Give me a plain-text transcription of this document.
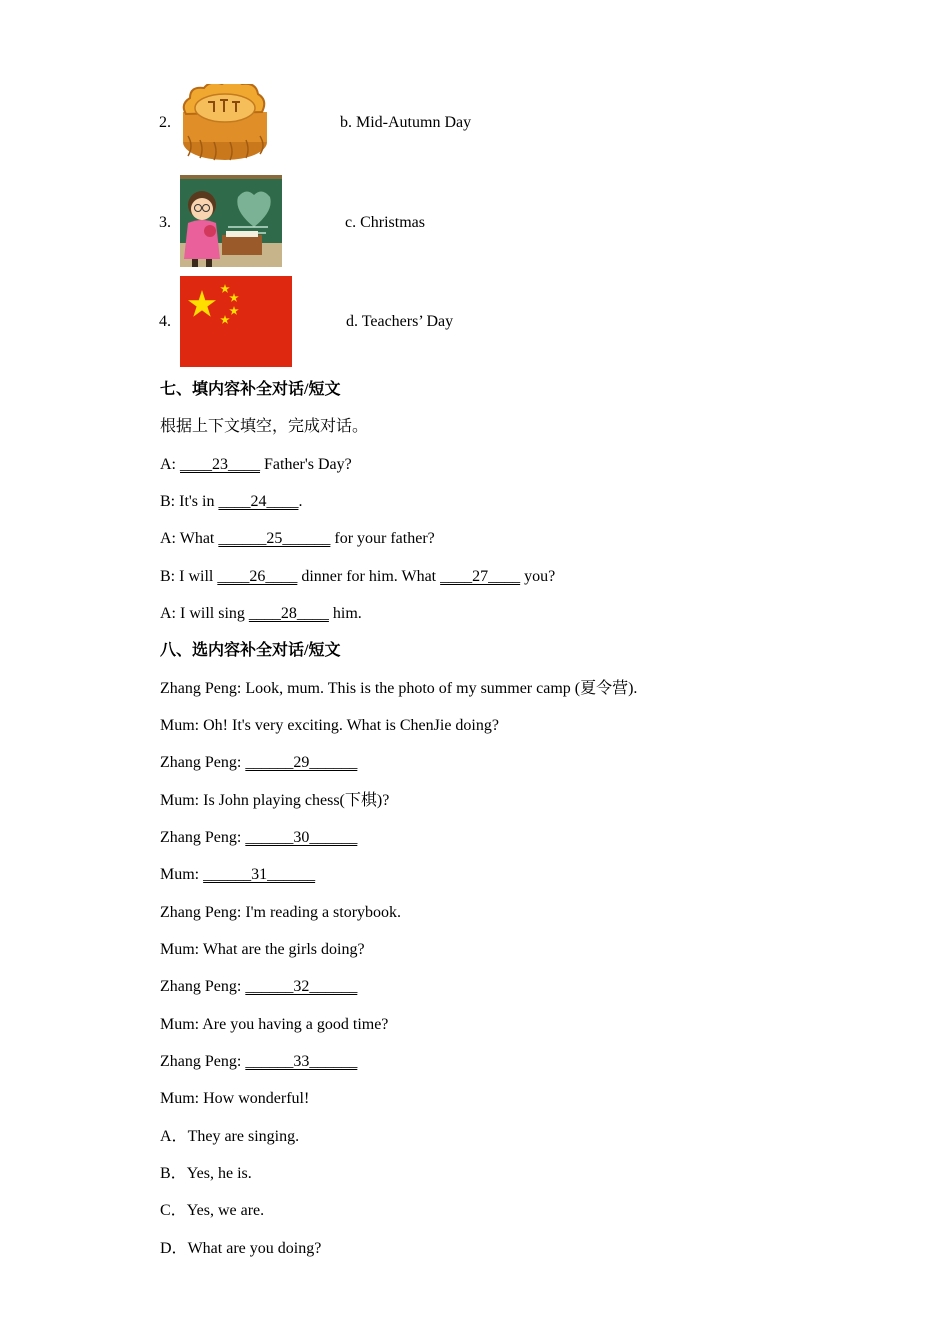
2.	b. Mid-Autumn Day
3.	c. Christmas
4.	d. Teachers’ Day
七、填内容补全对话/短文
根据上下文填空，完成对话。
A: ____23____ Father's Day?
B: It's in ____24____.
A: What ______25______ for your father?
B: I will ____26____ dinner for him. What ____27____ you?
A: I will sing ____28____ him.
八、选内容补全对话/短文
Zhang Peng: Look, mum. This is the photo of my summer camp (夏令营).
Mum: Oh! It's very exciting. What is ChenJie doing?
Zhang Peng: ______29______
Mum: Is John playing chess(下棋)?
Zhang Peng: ______30______
Mum: ______31______
Zhang Peng: I'm reading a storybook.
Mum: What are the girls doing?
Zhang Peng: ______32______
Mum: Are you having a good time?
Zhang Peng: ______33______
Mum: How wonderful!
A．They are singing.
B．Yes, he is.
C．Yes, we are.
D．What are you doing?
